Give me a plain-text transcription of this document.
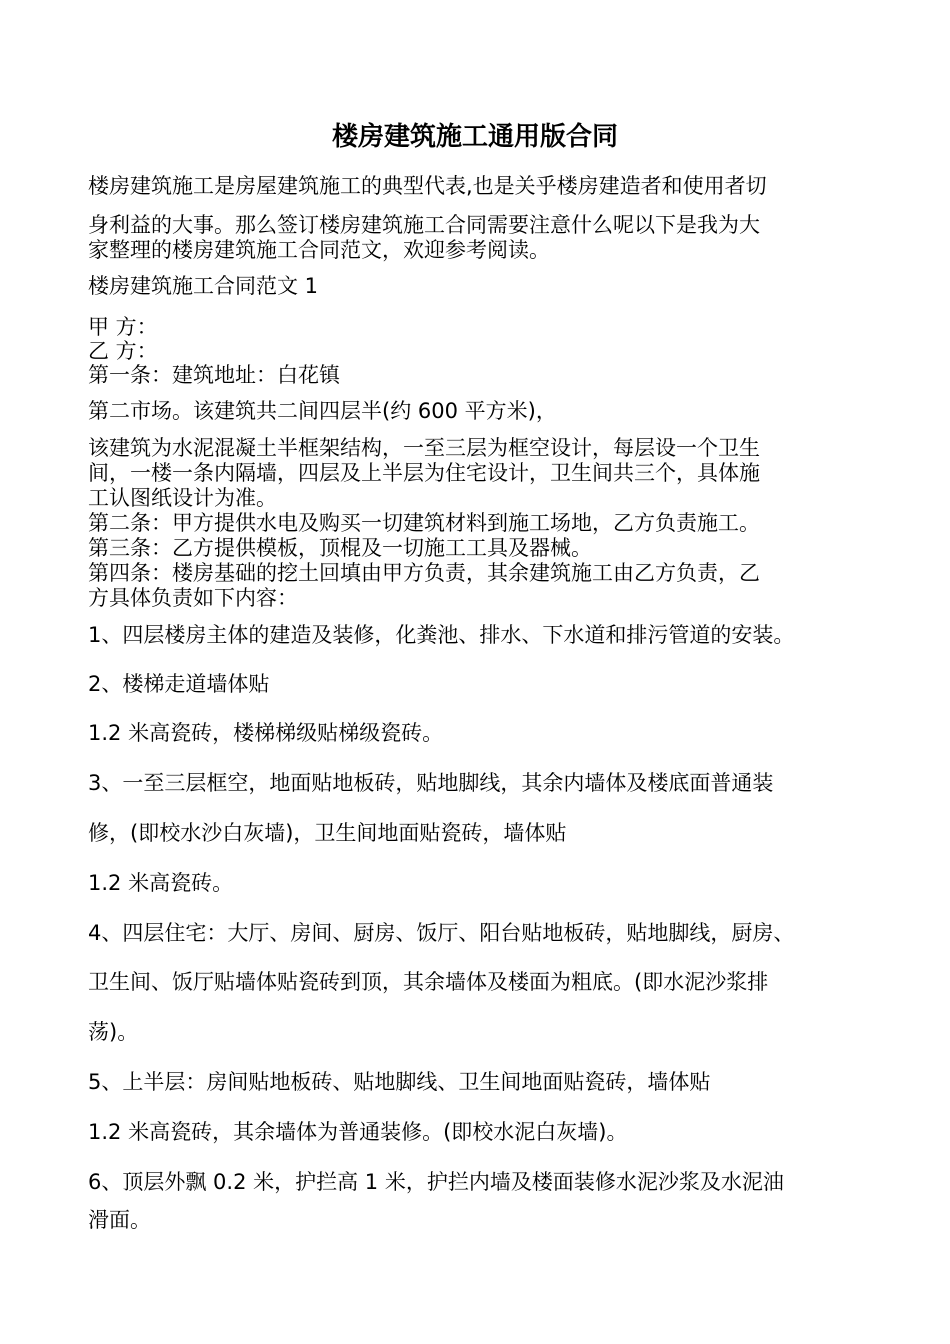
楼房建筑施工通用版合同
楼房建筑施工是房屋建筑施工的典型代表,也是关乎楼房建造者和使用者切
身利益的大事。那么签订楼房建筑施工合同需要注意什么呢以下是我为大
家整理的楼房建筑施工合同范文，欢迎参考阅读。
楼房建筑施工合同范文 1
甲 方：
乙 方：
第一条：建筑地址：白花镇
第二市场。该建筑共二间四层半(约 600 平方米)，
该建筑为水泥混凝土半框架结构，一至三层为框空设计，每层设一个卫生
间，一楼一条内隔墙，四层及上半层为住宅设计，卫生间共三个，具体施
工认图纸设计为准。
第二条：甲方提供水电及购买一切建筑材料到施工场地，乙方负责施工。
第三条：乙方提供模板，顶棍及一切施工工具及器械。
第四条：楼房基础的挖土回填由甲方负责，其余建筑施工由乙方负责，乙
方具体负责如下内容：
1、四层楼房主体的建造及装修，化粪池、排水、下水道和排污管道的安装。
2、楼梯走道墙体贴
1.2 米高瓷砖，楼梯梯级贴梯级瓷砖。
3、一至三层框空，地面贴地板砖，贴地脚线，其余内墙体及楼底面普通装
修，(即校水沙白灰墙)，卫生间地面贴瓷砖，墙体贴
1.2 米高瓷砖。
4、四层住宅：大厅、房间、厨房、饭厅、阳台贴地板砖，贴地脚线，厨房、
卫生间、饭厅贴墙体贴瓷砖到顶，其余墙体及楼面为粗底。(即水泥沙浆排
荡)。
5、上半层：房间贴地板砖、贴地脚线、卫生间地面贴瓷砖，墙体贴
1.2 米高瓷砖，其余墙体为普通装修。(即校水泥白灰墙)。
6、顶层外飘 0.2 米，护拦高 1 米，护拦内墙及楼面装修水泥沙浆及水泥油
滑面。
